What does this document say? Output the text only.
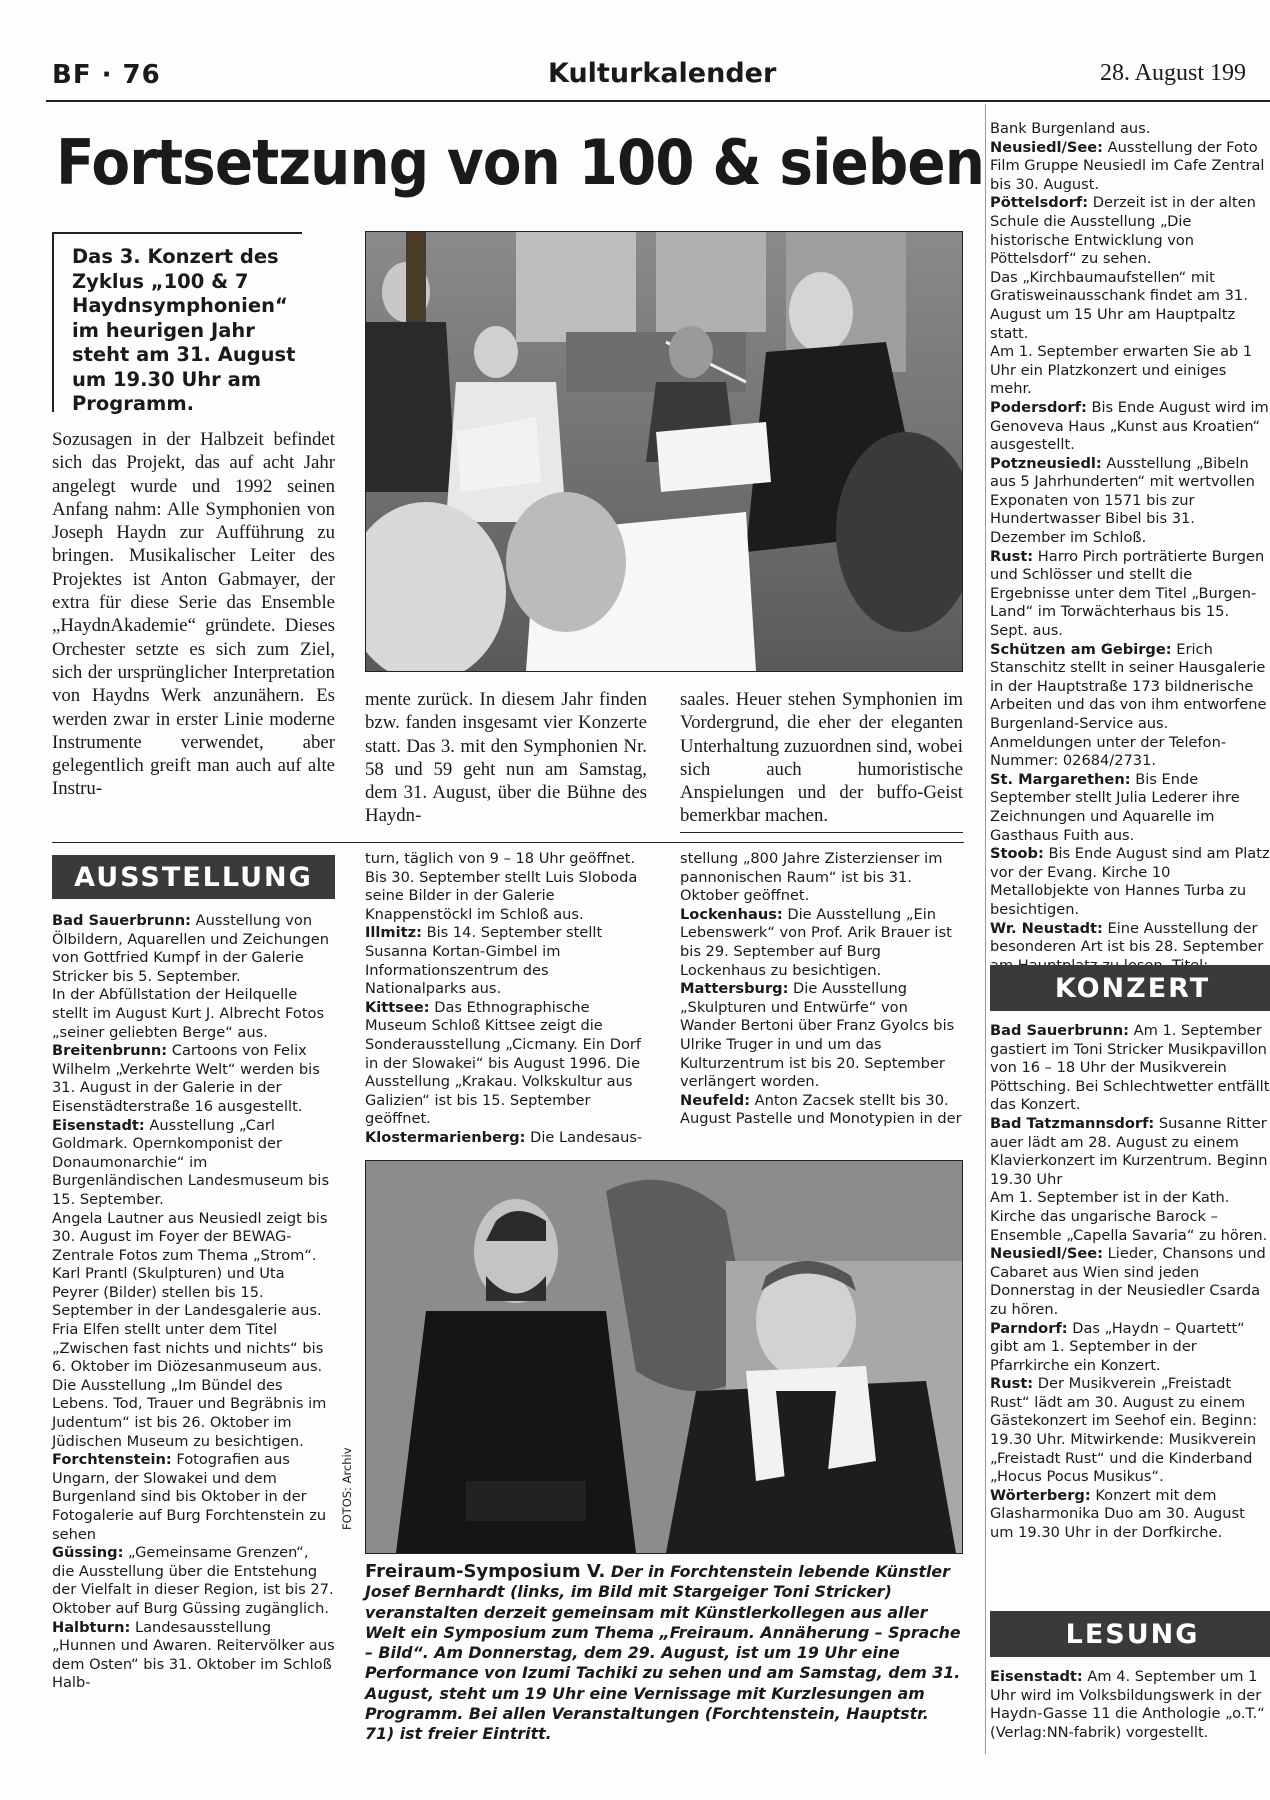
BF · 76	Kulturkalender	28. August 199
Fortsetzung von 100 & sieben
Das 3. Konzert des Zyklus „100 & 7 Haydnsymphonien“ im heurigen Jahr steht am 31. August um 19.30 Uhr am Programm.
Sozusagen in der Halbzeit befindet sich das Projekt, das auf acht Jahr angelegt wurde und 1992 seinen Anfang nahm: Alle Symphonien von Joseph Haydn zur Aufführung zu bringen. Musikalischer Leiter des Projektes ist Anton Gabmayer, der extra für diese Serie das Ensemble „HaydnAkademie“ gründete. Dieses Orchester setzte es sich zum Ziel, sich der ursprünglicher Interpretation von Haydns Werk anzunähern. Es werden zwar in erster Linie moderne Instrumente verwendet, aber gelegentlich greift man auch auf alte Instru-
mente zurück. In diesem Jahr finden bzw. fanden insgesamt vier Konzerte statt. Das 3. mit den Symphonien Nr. 58 und 59 geht nun am Samstag, dem 31. August, über die Bühne des Haydn-
saales. Heuer stehen Symphonien im Vordergrund, die eher der eleganten Unterhaltung zuzuordnen sind, wobei sich auch humoristische Anspielungen und der buffo-Geist bemerkbar machen.
AUSSTELLUNG

Bad Sauerbrunn: Ausstellung von Ölbildern, Aquarellen und Zeichungen von Gottfried Kumpf in der Galerie Stricker bis 5. September.

In der Abfüllstation der Heilquelle stellt im August Kurt J. Albrecht Fotos „seiner geliebten Berge“ aus.

Breitenbrunn: Cartoons von Felix Wilhelm „Verkehrte Welt“ werden bis 31. August in der Galerie in der Eisenstädterstraße 16 ausgestellt.

Eisenstadt: Ausstellung „Carl Goldmark. Opernkomponist der Donaumonarchie“ im Burgenländischen Landesmuseum bis 15. September.

Angela Lautner aus Neusiedl zeigt bis 30. August im Foyer der BEWAG-Zentrale Fotos zum Thema „Strom“.

Karl Prantl (Skulpturen) und Uta Peyrer (Bilder) stellen bis 15. September in der Landesgalerie aus.

Fria Elfen stellt unter dem Titel „Zwischen fast nichts und nichts“ bis 6. Oktober im Diözesanmuseum aus.

Die Ausstellung „Im Bündel des Lebens. Tod, Trauer und Begräbnis im Judentum“ ist bis 26. Oktober im Jüdischen Museum zu besichtigen.

Forchtenstein: Fotografien aus Ungarn, der Slowakei und dem Burgenland sind bis Oktober in der Fotogalerie auf Burg Forchtenstein zu sehen

Güssing: „Gemeinsame Grenzen“, die Ausstellung über die Entstehung der Vielfalt in dieser Region, ist bis 27. Oktober auf Burg Güssing zugänglich.

Halbturn: Landesausstellung „Hunnen und Awaren. Reitervölker aus dem Osten“ bis 31. Oktober im Schloß Halb-

turn, täglich von 9 – 18 Uhr geöffnet. Bis 30. September stellt Luis Sloboda seine Bilder in der Galerie Knappenstöckl im Schloß aus.

Illmitz: Bis 14. September stellt Susanna Kortan-Gimbel im Informationszentrum des Nationalparks aus.

Kittsee: Das Ethnographische Museum Schloß Kittsee zeigt die Sonderausstellung „Cicmany. Ein Dorf in der Slowakei“ bis August 1996. Die Ausstellung „Krakau. Volkskultur aus Galizien“ ist bis 15. September geöffnet.

Klostermarienberg: Die Landesaus-

stellung „800 Jahre Zisterzienser im pannonischen Raum“ ist bis 31. Oktober geöffnet.

Lockenhaus: Die Ausstellung „Ein Lebenswerk“ von Prof. Arik Brauer ist bis 29. September auf Burg Lockenhaus zu besichtigen.

Mattersburg: Die Ausstellung „Skulpturen und Entwürfe“ von Wander Bertoni über Franz Gyolcs bis Ulrike Truger in und um das Kulturzentrum ist bis 20. September verlängert worden.

Neufeld: Anton Zacsek stellt bis 30. August Pastelle und Monotypien in der

FOTOS: Archiv
Freiraum-Symposium V. Der in Forchtenstein lebende Künstler Josef Bernhardt (links, im Bild mit Stargeiger Toni Stricker) veranstalten derzeit gemeinsam mit Künstlerkollegen aus aller Welt ein Symposium zum Thema „Freiraum. Annäherung – Sprache – Bild“. Am Donnerstag, dem 29. August, ist um 19 Uhr eine Performance von Izumi Tachiki zu sehen und am Samstag, dem 31. August, steht um 19 Uhr eine Vernissage mit Kurzlesungen am Programm. Bei allen Veranstaltungen (Forchtenstein, Hauptstr. 71) ist freier Eintritt.

Bank Burgenland aus.

Neusiedl/See: Ausstellung der Foto Film Gruppe Neusiedl im Cafe Zentral bis 30. August.

Pöttelsdorf: Derzeit ist in der alten Schule die Ausstellung „Die historische Entwicklung von Pöttelsdorf“ zu sehen.

Das „Kirchbaumaufstellen“ mit Gratisweinausschank findet am 31. August um 15 Uhr am Hauptpaltz statt.

Am 1. September erwarten Sie ab 1 Uhr ein Platzkonzert und einiges mehr.

Podersdorf: Bis Ende August wird im Genoveva Haus „Kunst aus Kroatien“ ausgestellt.

Potzneusiedl: Ausstellung „Bibeln aus 5 Jahrhunderten“ mit wertvollen Exponaten von 1571 bis zur Hundertwasser Bibel bis 31. Dezember im Schloß.

Rust: Harro Pirch porträtierte Burgen und Schlösser und stellt die Ergebnisse unter dem Titel „Burgen-Land“ im Torwächterhaus bis 15. Sept. aus.

Schützen am Gebirge: Erich Stanschitz stellt in seiner Hausgalerie in der Hauptstraße 173 bildnerische Arbeiten und das von ihm entworfene Burgenland-Service aus. Anmeldungen unter der Telefon-Nummer: 02684/2731.

St. Margarethen: Bis Ende September stellt Julia Lederer ihre Zeichnungen und Aquarelle im Gasthaus Fuith aus.

Stoob: Bis Ende August sind am Platz vor der Evang. Kirche 10 Metallobjekte von Hannes Turba zu besichtigen.

Wr. Neustadt: Eine Ausstellung der besonderen Art ist bis 28. September

KONZERT

Bad Sauerbrunn: Am 1. September gastiert im Toni Stricker Musikpavillon von 16 – 18 Uhr der Musikverein Pöttsching. Bei Schlechtwetter entfällt das Konzert.

Bad Tatzmannsdorf: Susanne Ritter auer lädt am 28. August zu einem Klavierkonzert im Kurzentrum. Beginn 19.30 Uhr

Am 1. September ist in der Kath. Kirche das ungarische Barock – Ensemble „Capella Savaria“ zu hören.

Neusiedl/See: Lieder, Chansons und Cabaret aus Wien sind jeden Donnerstag in der Neusiedler Csarda zu hören.

Parndorf: Das „Haydn – Quartett“ gibt am 1. September in der Pfarrkirche ein Konzert.

Rust: Der Musikverein „Freistadt Rust“ lädt am 30. August zu einem Gästekonzert im Seehof ein. Beginn: 19.30 Uhr. Mitwirkende: Musikverein „Freistadt Rust“ und die Kinderband „Hocus Pocus Musikus“.

Wörterberg: Konzert mit dem Glasharmonika Duo am 30. August um 19.30 Uhr in der Dorfkirche.

LESUNG

Eisenstadt: Am 4. September um 1 Uhr wird im Volksbildungswerk in der Haydn-Gasse 11 die Anthologie „o.T.“ (Verlag:NN-fabrik) vorgestellt.
